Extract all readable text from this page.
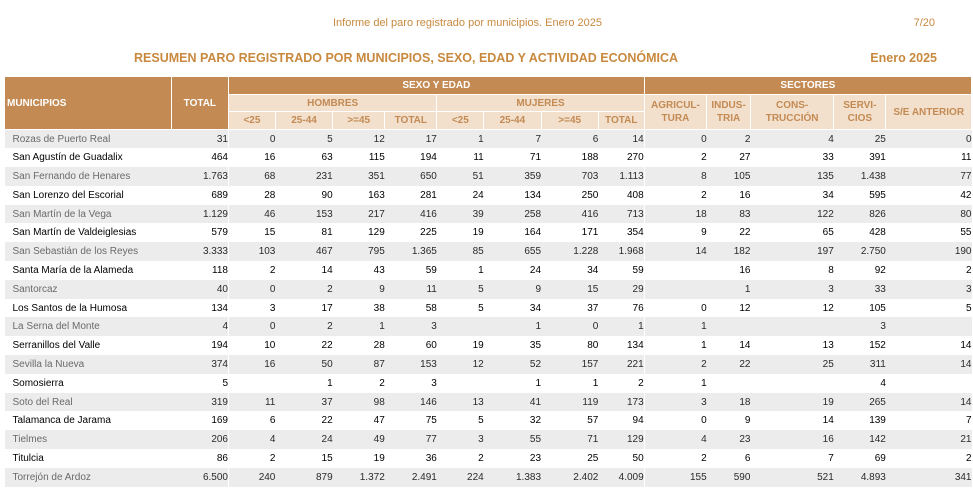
Informe del paro registrado por municipios. Enero 2025	7/20
RESUMEN PARO REGISTRADO POR MUNICIPIOS, SEXO, EDAD Y ACTIVIDAD ECONÓMICA	Enero 2025
MUNICIPIOS	TOTAL	SEXO Y EDAD								SECTORES				
		HOMBRES				MUJERES				AGRICUL-TURA	INDUS-TRIA	CONS-TRUCCIÓN	SERVI-CIOS	S/E ANTERIOR
		<25	25-44	>=45	TOTAL	<25	25-44	>=45	TOTAL					
Rozas de Puerto Real	31	0	5	12	17	1	7	6	14	0	2	4	25	0
San Agustín de Guadalix	464	16	63	115	194	11	71	188	270	2	27	33	391	11
San Fernando de Henares	1.763	68	231	351	650	51	359	703	1.113	8	105	135	1.438	77
San Lorenzo del Escorial	689	28	90	163	281	24	134	250	408	2	16	34	595	42
San Martín de la Vega	1.129	46	153	217	416	39	258	416	713	18	83	122	826	80
San Martín de Valdeiglesias	579	15	81	129	225	19	164	171	354	9	22	65	428	55
San Sebastián de los Reyes	3.333	103	467	795	1.365	85	655	1.228	1.968	14	182	197	2.750	190
Santa María de la Alameda	118	2	14	43	59	1	24	34	59		16	8	92	2
Santorcaz	40	0	2	9	11	5	9	15	29		1	3	33	3
Los Santos de la Humosa	134	3	17	38	58	5	34	37	76	0	12	12	105	5
La Serna del Monte	4	0	2	1	3		1	0	1	1			3	
Serranillos del Valle	194	10	22	28	60	19	35	80	134	1	14	13	152	14
Sevilla la Nueva	374	16	50	87	153	12	52	157	221	2	22	25	311	14
Somosierra	5		1	2	3		1	1	2	1			4	
Soto del Real	319	11	37	98	146	13	41	119	173	3	18	19	265	14
Talamanca de Jarama	169	6	22	47	75	5	32	57	94	0	9	14	139	7
Tielmes	206	4	24	49	77	3	55	71	129	4	23	16	142	21
Titulcia	86	2	15	19	36	2	23	25	50	2	6	7	69	2
Torrejón de Ardoz	6.500	240	879	1.372	2.491	224	1.383	2.402	4.009	155	590	521	4.893	341
